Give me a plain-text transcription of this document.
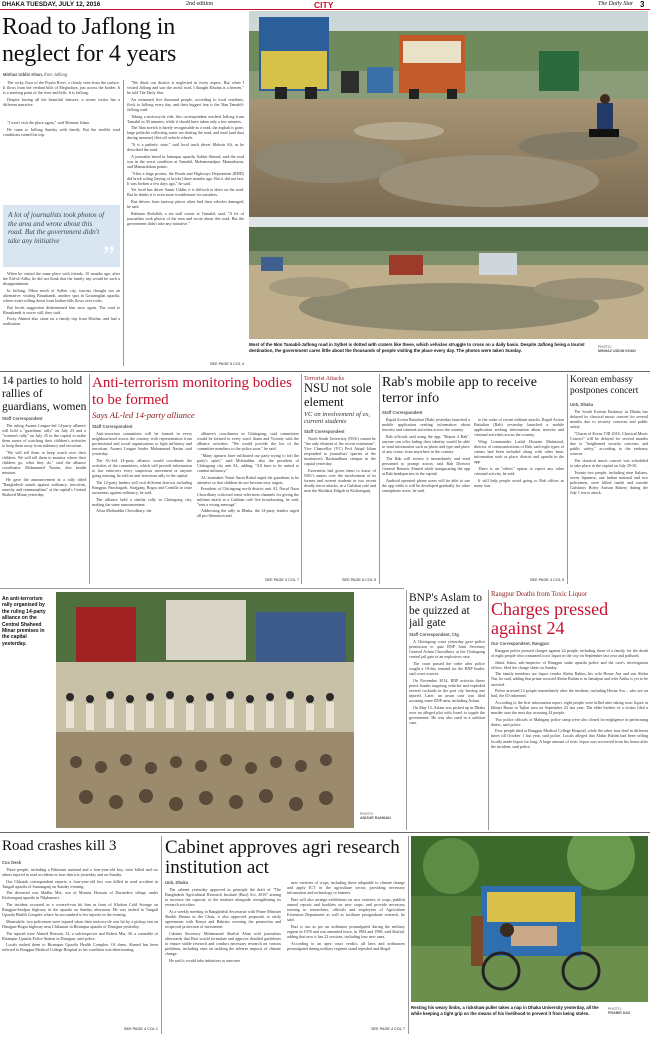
DHAKA TUESDAY, JULY 12, 2016	2nd edition	CITY	The Daily Star 3
Road to Jaflong in neglect for 4 years
Minhaz Uddin Khan, from Jaflong

The rocky floor of the Piyain River, a clearly seen from the surface. It flows from the verdant hills of Meghalaya, just across the border. It is a meeting point of the river and hills. It is Jaflong.

Despite having all the beautiful features, a recent visitor has a different narrative.

"I won't visit the place again," said Momtaz Islam.

He came to Jaflong Sunday with family. But the terrible road conditions ruined his trip.

A lot of journalists took photos of the area and wrote about this road. But the government didn't take any initiative	”

When he visited the same place with friends, 10 months ago, after the Eid-ul-Adha, he did not think that the family trip would be such a disappointment.

In Jaflong, 56km north of Sylhet city, tourists thought out an alternative: visiting Bisnakandi, another spot in Gowainghat upazila, where water rolling down from Indian hills flows over rocks.

But locals suggestion disheartened him once again. The road to Bisnakandi is worse still, they said.

Footy Ahmed also came on a family trip from Khulna, and had a realisation.

"We think our district is neglected in every aspect. But when I visited Jaflong and saw the awful road, I thought Khulna is a heaven," he told The Daily Star.

An estimated five thousand people, according to local residents, flock to Jaflong every day, and their biggest fear is the 5km Tamabil-Jaflong road.

Taking a motorcycle ride, this correspondent reached Jaflong from Tamabil in 30 minutes, while it should have taken only a few minutes.

The 5km stretch is barely recognisable as a road, the asphalt is gone, large potholes collecting water are dotting the road, and mud (and dust during summer) flies off vehicle wheels.

"It is a pathetic state," said local truck driver Mohsin Ali, as he described the road.

A journalist based in Jaintapur upazila, Sabbir Ahmed, said the road was in the worst condition at Tamabil, Mohammadpur, Mamarbazar, and Mamardokan points.

"After a huge protest, the Roads and Highways Department (RHD) did brick soling [laying of bricks] three months ago. But it did not last. It was broken a few days ago," he said.

Yet local bus driver Samir Uddin, it is difficult to drive on the road. But he thinks it is even more troublesome for outsiders.

Bus drivers from faraway places often find their vehicles damaged, he said.

Rahman Abdullah, a tea stall owner at Tamabil, said, "A lot of journalists took photos of the area and wrote about this road. But the government didn't take any initiative."

SEE PAGE 6 COL 4
Most of the 5km Tamabil-Jaflong road in Sylhet is dotted with craters like these, which vehicles struggle to cross on a daily basis. Despite Jaflong being a tourist destination, the government cares little about the thousands of people visiting the place every day. The photos were taken Sunday.
PHOTO:
MINHAZ UDDIN KHAN
14 parties to hold rallies of guardians, women
Staff Correspondent

The ruling Awami League-led 14-party alliance will hold a "guardians' rally" on July 23 and a "women's rally" on July 25 in the capital to make them aware of watching their children's activities to keep them away from militancy and terrorism.

"We will tell them to keep watch over their children. We will tell them to monitor where their children go, what they do," said the alliance coordinator Mohammed Nasim, also health minister.

He gave the announcement at a rally titled "Bangladesh stands against militancy, terrorism, anarchy and communalism" at the capital's Central Shaheed Minar yesterday.

Anti-terrorism monitoring bodies to be formed
Says AL-led 14-party alliance
Staff Correspondent

Anti-terrorism committees will be formed in every neighbourhood across the country with representation from professional and social organisations to fight militancy and terrorism, Awami League leader Mohammad Nasim said yesterday.

The AL-led 14-party alliance would coordinate the activities of the committees, which will provide information to law enforcers every suspicious movement or anyone going missing, he told an anti-terrorism rally in the capital.

The 14-party leaders will visit different districts including Rangpur, Panchagarh, Sirajganj, Bogra and Comilla to raise awareness against militancy, he said.

The alliance held a similar rally in Chittagong city, making the same announcement.

Afsar Mohiuddin Chowdhury, the

alliance's coordinator in Chittagong, said committees would be formed in every ward, thana and Vicinity with the alliance activities. "We would provide the list of the committee members to the police soon," he said.

"Many upstarts have infiltrated our party trying to foil the party's spirit," said Mohiuddin, also the president of Chittagong city unit AL, adding, "All have to be united to combat militancy."

AL lawmaker Nurul Amin Ruhul urged the guardians to be attentive so that children do not become easy targets.

President of Chittagong north district unit AL Nurul Nazu Chowdhury criticised some television channels for giving the militant attack at a Gulshan café live broadcasting, he said, "sent a wrong message".

Addressing the rally in Dhaka, the 14-party leaders urged all pro-liberation and

SEE PAGE 4 COL 7
Terrorist Attacks
NSU not sole element
VC on involvement of ex, current students
Staff Correspondent

North South University (NSU) cannot be "the only element of the recent extremism", Vice Chancellor (VC) Prof Atiqul Islam responded to journalists' queries at the institution's Bashundhara campus in the capital yesterday.

Extremists had given them to know of NSU's names over the involvement of its former and current students in two recent deadly terror attacks, in a Gulshan café and near the Sholakia Eidgah in Kishoreganj.

SEE PAGE 6 COL 5
Rab's mobile app to receive terror info
Staff Correspondent

Rapid Action Battalion (Rab) yesterday launched a mobile application seeking information about terrorist and criminal activities across the country.

Rab officials said using the app, "Report 2 Rab", anyone can offer hiding their identity would be able to send information such as photo and type and place of any crime, from anywhere in the country.

The Rab will review it immediately and send personnel to prompt action, said Rab Director General Benazir Ahmed while inaugurating the app at Rab headquarters in the capital.

Android operated phone users will be able to use the app while it will be developed gradually for other smartphone users, he said.

to the wake of recent militant attacks. Rapid Action Battalion (Rab) yesterday launched a mobile application seeking information about terrorist and criminal activities across the country.

Wing Commander Lutful Hossain Mahmood, director of communications of Rab, said eight types of crimes had been included along with other basic information such as place, district and upazila in the app.

There is an "others" option to report any other criminal activity, he said.

It will help people avoid going to Rab offices as many fear

SEE PAGE 4 COL 5
Korean embassy postpones concert
Unb, Dhaka

The South Korean Embassy in Dhaka has delayed its classical music concert for several months due to security concerns and public safety.

"Charm of Korea VIII 2016: Classical Music Concert" will be delayed for several months due to "heightened security concerns and public safety," according to the embassy sources.

The classical music concert was scheduled to take place in the capital on July 29-30.

Twenty-two people, including nine Italians, seven Japanese, one Indian national and two policemen, were killed inside and outside Gulshan's Holey Artisan Bakery during the July 1 terror attack.

An anti-terrorism rally organised by the ruling 14-party alliance on the Central Shaheed Minar premises in the capital yesterday.
PHOTO:
ANISUR RAHMAN
BNP's Aslam to be quizzed at jail gate
Staff Correspondent, Ctg

A Chittagong court yesterday gave police permission to quiz BNP Joint Secretary General Aslam Chowdhury at the Chittagong central jail gate in an explosives case.

The court passed the order after police sought a 10-day remand for the BNP leader, said court sources.

On November 2014, BNP activists threw petrol bombs targeting vehicles and exploded several cocktails in the port city leaving one injured. Later, an arson case was filed accusing some BNP men, including Aslam.

On May 15, Aslam was picked up in Dhaka over an alleged plot with Israel to topple the government. He was also sued in a sedition case.

Rangpur Deaths from Toxic Liquor
Charges pressed against 24
Our Correspondent, Rangpur

Rangpur police pressed charges against 24 people, including those of a family, for the death of eight people who consumed toxic liquor in the city on September last year and polluted.

Jalaul Islam, sub-inspector of Rangpur sadar upazila police and the case's investigation officer, filed the charge sheet on Sunday.

The family members are liquor vendor Abdur Rahim, his wife Hosne Ara and son Abdur Nur, he said, adding that prime accused Abdur Rahim is in Jamalpur and wife Anika is yet to be arrested.

Police arrested 12 people immediately after the incident, including Hosne Ara – who are on bail, the IO informed.

According to the first information report, eight people were killed after taking toxic liquor at Ikhtari Bazar in Tajhat area on September 23 last year. The elder brother of a victim filed a murder case the next day accusing 24 people.

Two police officials of Mahiganj police camp were also closed for negligence in performing duties, said police.

Four people died at Rangpur Medical College Hospital, while the other four died in different times till October 1 last year, said police. Locals alleged that Abdur Rahim had been selling locally made liquor for long. A large amount of toxic liquor was recovered from his house after the incident, said police.

Road crashes kill 3
Cox Desk

Three people, including a Pakistani national and a four-year-old boy, were killed and six others injured in road accidents in four districts yesterday and on Sunday.

Our Chhatak correspondent reports, a four-year-old boy was killed in road accident in Tangail upazila of Sunamganj on Sunday evening.

The deceased was Madhu Mia, son of Montaz Hossain of Durandevi village under Kishoreganj upazila in Nilphamari.

The incident occurred as a covered-van hit him in front of Khokon Cold Storage on Rangpur-Saidpur highway in the upazila on Sunday afternoon. He was rushed to Tangail Upazila Health Complex where he succumbed to his injuries in the evening.

Meanwhile, two policemen were injured when their motorcycle was hit by a pickup van on Dinajpur-Bogra highway near Chilamari in Birampur upazila of Dinajpur yesterday.

The injured were Ahmed Hossain, 32, a sub-inspector and Robert Mia, 40, a constable of Birampur Upazila Police Station in Dinajpur, said police.

Locals rushed them to Birampur Upazila Health Complex. Of them, Ahmed has been referred to Rangpur Medical College Hospital as his condition was deteriorating.

SEE PAGE 4 COL 1
Cabinet approves agri research institution act
Unb, Dhaka

The cabinet yesterday approved in principle the draft of "The Bangladesh Agricultural Research Institute (Bari) Act, 2016" aiming to increase the capacity of the institute alongside strengthening its research activities.

At a weekly meeting in Bangladesh Secretariat with Prime Minister Sheikh Hasina in the Chair, it also approved proposals to ratify agreements with Kenya and Bahrain covering the promotion and reciprocal protection of investment.

Cabinet Secretary Mohammad Shafiul Alam told journalists afterwards that Bari would formulate and approve detailed guidelines to ensure stable research and conduct necessary research on various problems, including ones on tackling the adverse impacts of climate change.

He said it would take initiatives to innovate

new varieties of crops, including those adaptable to climate change and apply ICT in the agriculture sector, providing necessary information and technology to farmers.

Bari will also arrange exhibitions on new varieties of crops, publish annual reports and booklets on new crops, and provide necessary training to researchers, officials and employees of Agriculture Extension Department as well as facilitate postgraduate research, he said.

Bari is run as per an ordinance promulgated during the military regime in 1976 and was amended twice, in 1984 and 1996, said Shafiul, adding that now it has 22 sections, including four new ones.

According to an apex court verdict, all laws and ordinances promulgated during military regimes stand repealed and illegal

SEE PAGE 4 COL 7
Resting his weary limbs, a rickshaw puller takes a nap in Dhaka University yesterday, all the while keeping a tight grip on the means of his livelihood to prevent it from being stolen.
PHOTO:
PRABIR DAS
